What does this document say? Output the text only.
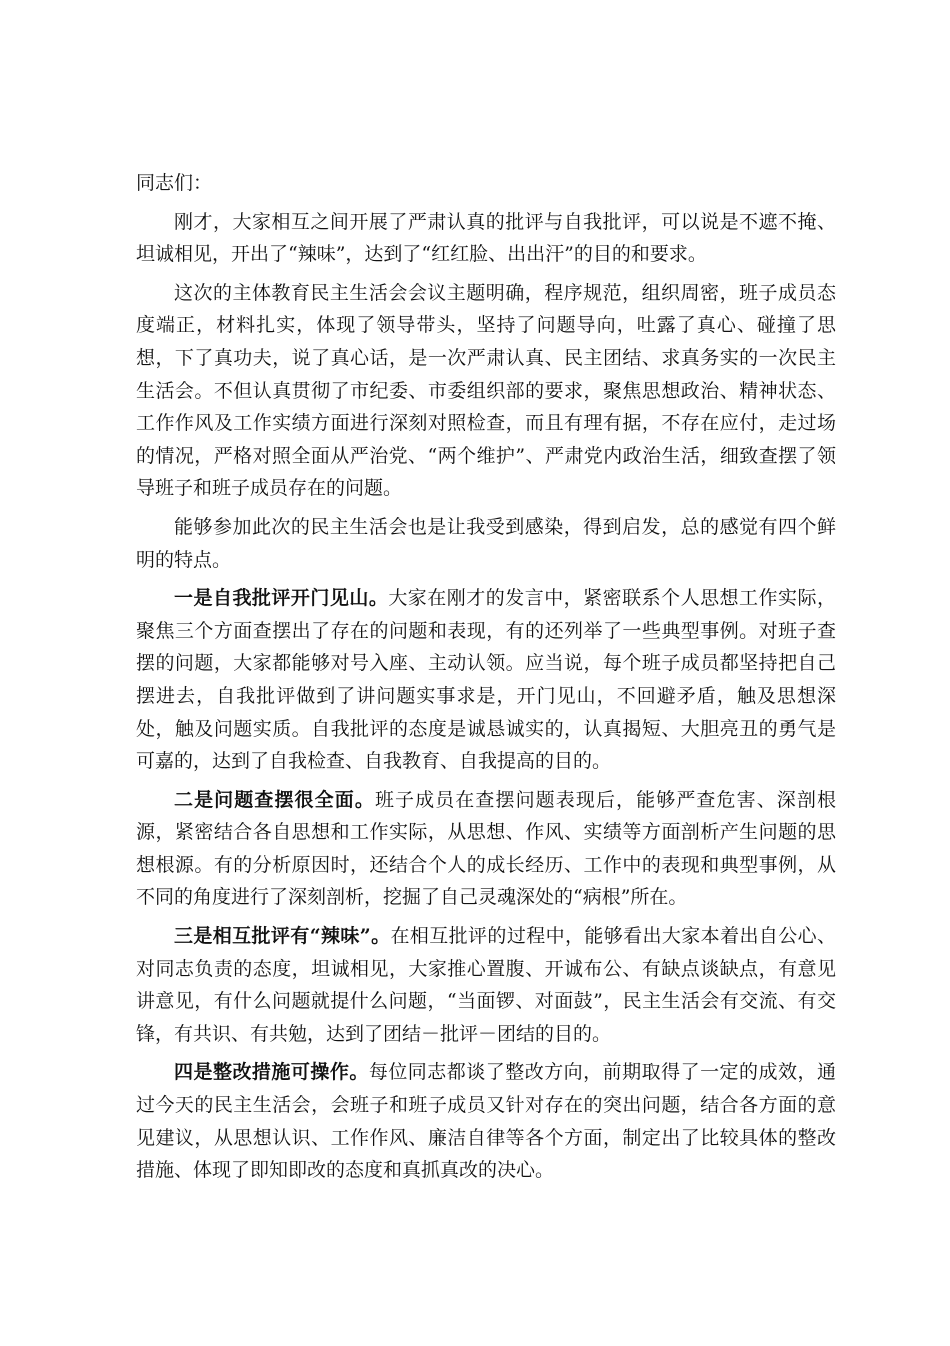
同志们：

刚才，大家相互之间开展了严肃认真的批评与自我批评，可以说是不遮不掩、坦诚相见，开出了“辣味”，达到了“红红脸、出出汗”的目的和要求。

这次的主体教育民主生活会会议主题明确，程序规范，组织周密，班子成员态度端正，材料扎实，体现了领导带头，坚持了问题导向，吐露了真心、碰撞了思想，下了真功夫，说了真心话，是一次严肃认真、民主团结、求真务实的一次民主生活会。不但认真贯彻了市纪委、市委组织部的要求，聚焦思想政治、精神状态、工作作风及工作实绩方面进行深刻对照检查，而且有理有据，不存在应付，走过场的情况，严格对照全面从严治党、“两个维护”、严肃党内政治生活，细致查摆了领导班子和班子成员存在的问题。

能够参加此次的民主生活会也是让我受到感染，得到启发，总的感觉有四个鲜明的特点。

一是自我批评开门见山。大家在刚才的发言中，紧密联系个人思想工作实际，聚焦三个方面查摆出了存在的问题和表现，有的还列举了一些典型事例。对班子查摆的问题，大家都能够对号入座、主动认领。应当说，每个班子成员都坚持把自己摆进去，自我批评做到了讲问题实事求是，开门见山，不回避矛盾，触及思想深处，触及问题实质。自我批评的态度是诚恳诚实的，认真揭短、大胆亮丑的勇气是可嘉的，达到了自我检查、自我教育、自我提高的目的。

二是问题查摆很全面。班子成员在查摆问题表现后，能够严查危害、深剖根源，紧密结合各自思想和工作实际，从思想、作风、实绩等方面剖析产生问题的思想根源。有的分析原因时，还结合个人的成长经历、工作中的表现和典型事例，从不同的角度进行了深刻剖析，挖掘了自己灵魂深处的“病根”所在。

三是相互批评有“辣味”。在相互批评的过程中，能够看出大家本着出自公心、对同志负责的态度，坦诚相见，大家推心置腹、开诚布公、有缺点谈缺点，有意见讲意见，有什么问题就提什么问题，“当面锣、对面鼓”，民主生活会有交流、有交锋，有共识、有共勉，达到了团结－批评－团结的目的。

四是整改措施可操作。每位同志都谈了整改方向，前期取得了一定的成效，通过今天的民主生活会，会班子和班子成员又针对存在的突出问题，结合各方面的意见建议，从思想认识、工作作风、廉洁自律等各个方面，制定出了比较具体的整改措施、体现了即知即改的态度和真抓真改的决心。
